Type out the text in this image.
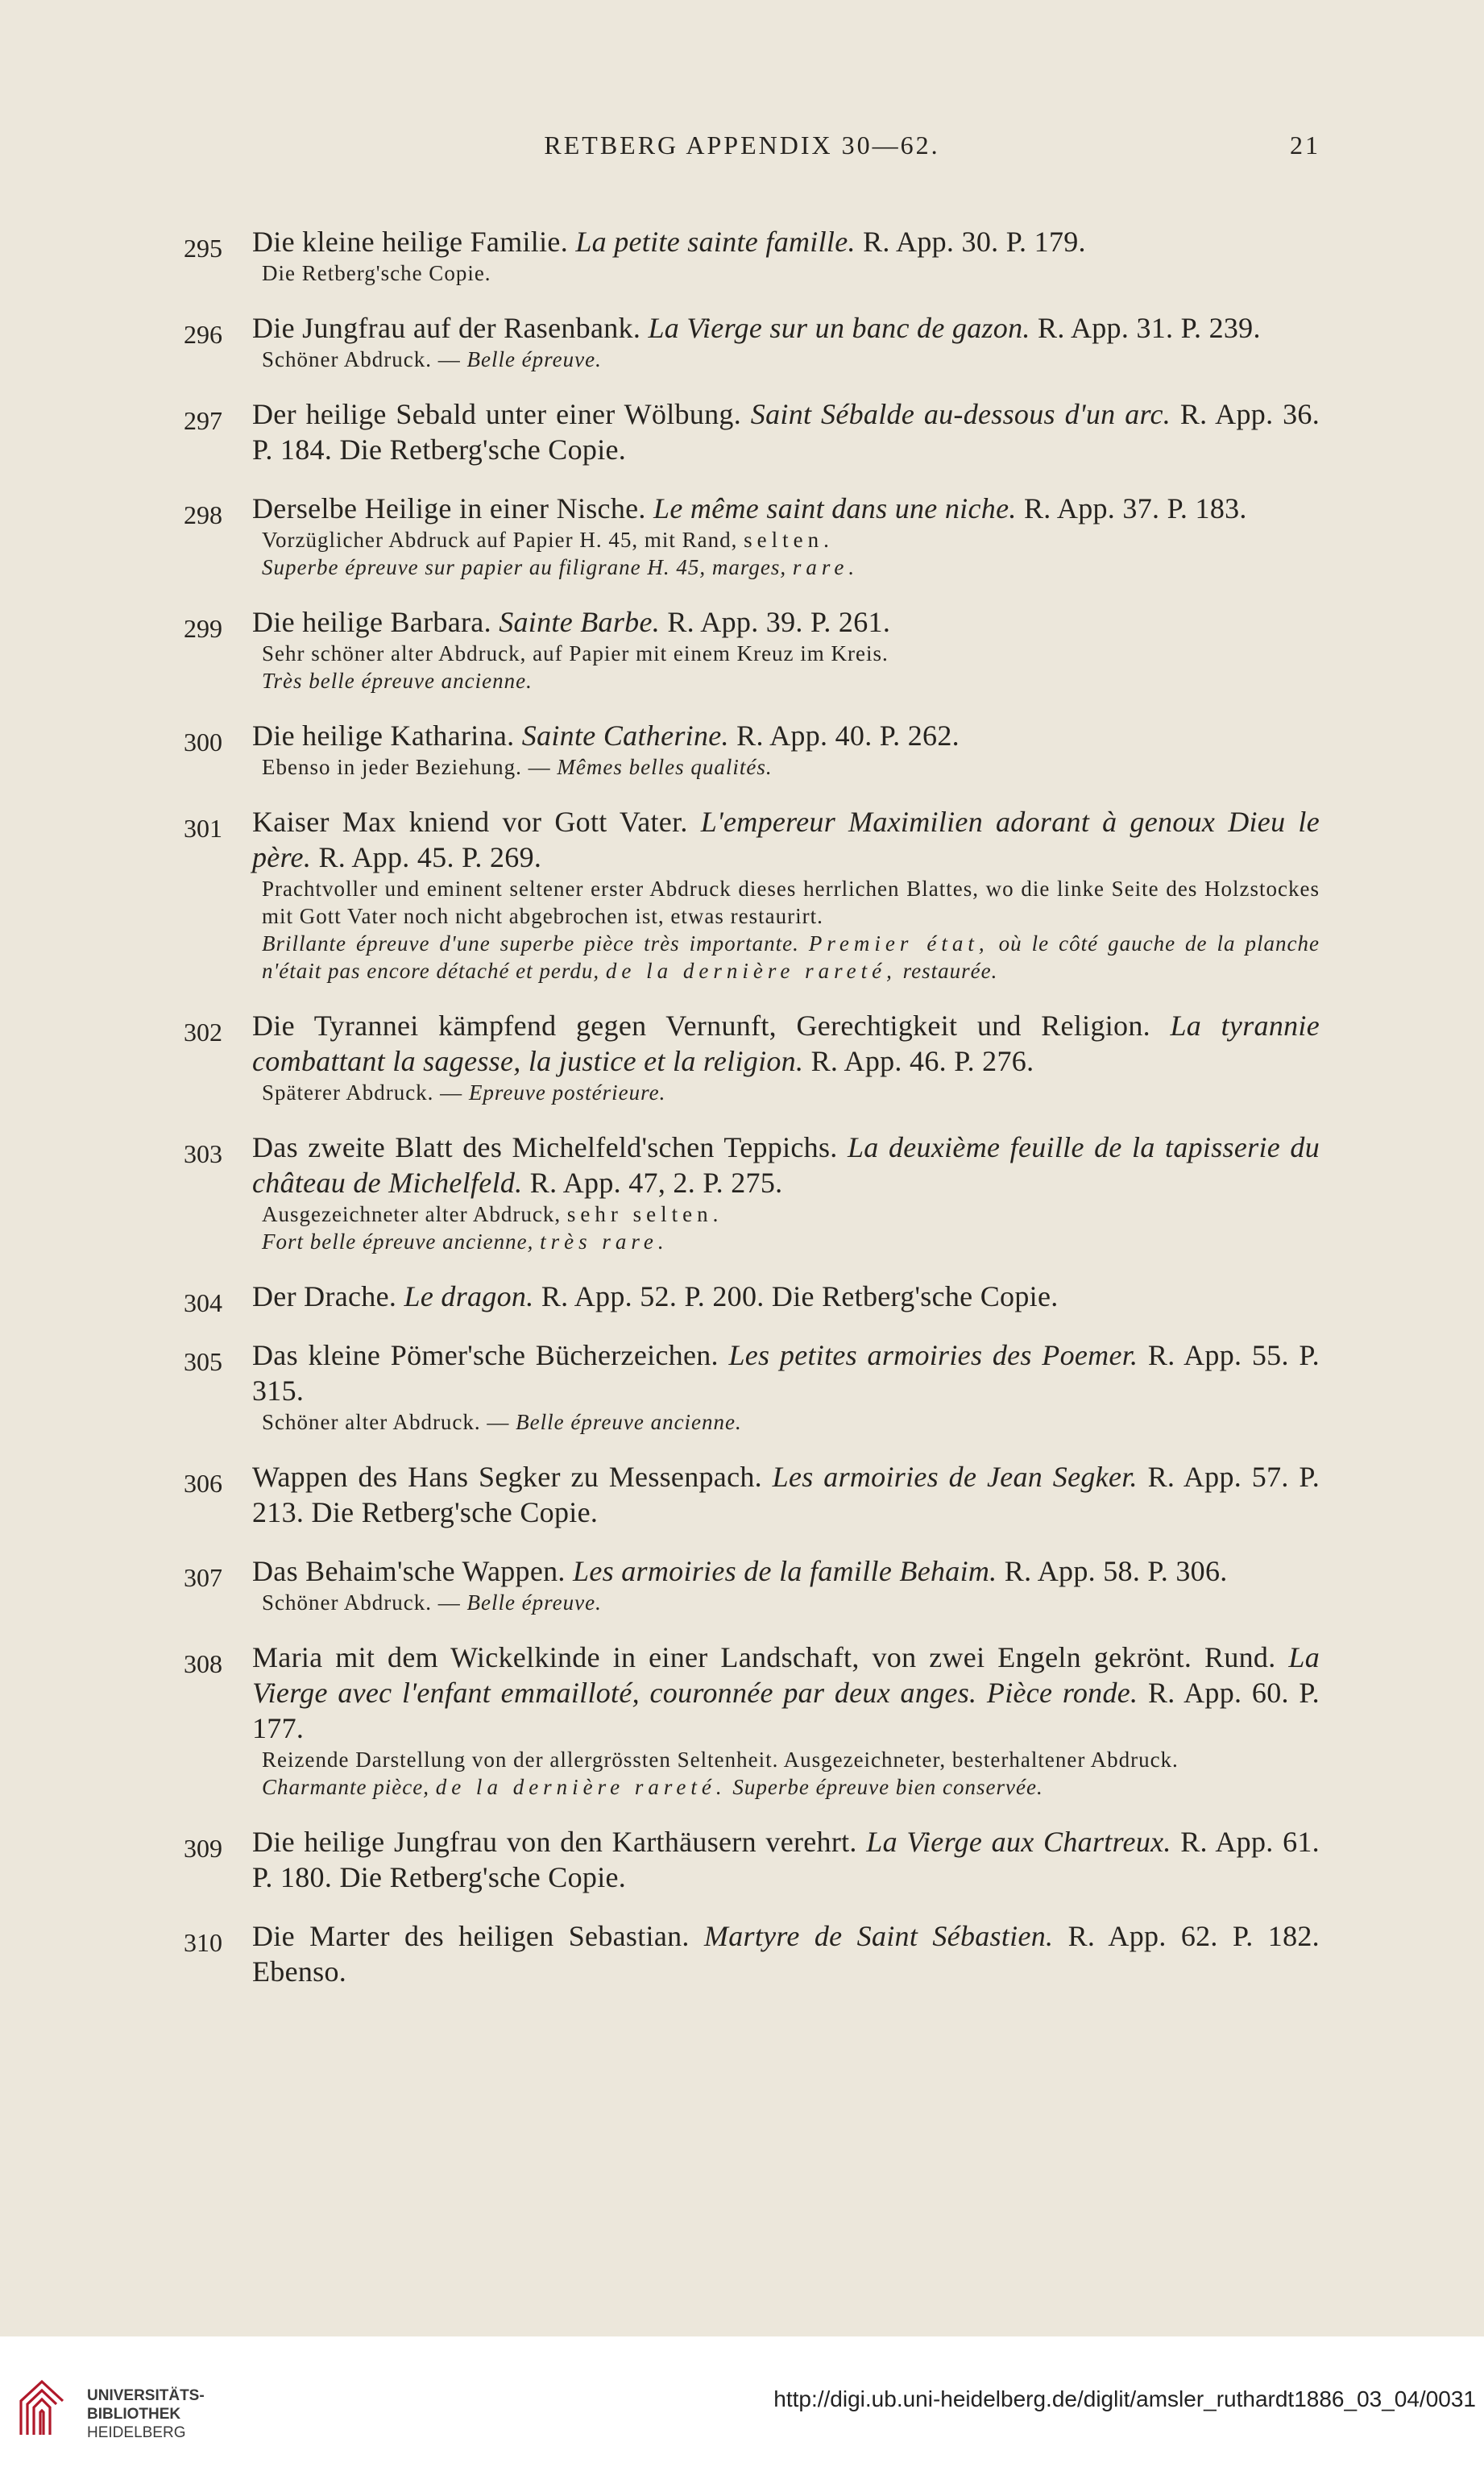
RETBERG APPENDIX 30—62.	21
295 Die kleine heilige Familie. La petite sainte famille. R. App. 30. P. 179.
Die Retberg'sche Copie.
296 Die Jungfrau auf der Rasenbank. La Vierge sur un banc de gazon. R. App. 31. P. 239.
Schöner Abdruck. — Belle épreuve.
297 Der heilige Sebald unter einer Wölbung. Saint Sébalde au-dessous d'un arc. R. App. 36. P. 184. Die Retberg'sche Copie.
298 Derselbe Heilige in einer Nische. Le même saint dans une niche. R. App. 37. P. 183.
Vorzüglicher Abdruck auf Papier H. 45, mit Rand, selten.
Superbe épreuve sur papier au filigrane H. 45, marges, rare.
299 Die heilige Barbara. Sainte Barbe. R. App. 39. P. 261.
Sehr schöner alter Abdruck, auf Papier mit einem Kreuz im Kreis.
Très belle épreuve ancienne.
300 Die heilige Katharina. Sainte Catherine. R. App. 40. P. 262.
Ebenso in jeder Beziehung. — Mêmes belles qualités.
301 Kaiser Max kniend vor Gott Vater. L'empereur Maximilien adorant à genoux Dieu le père. R. App. 45. P. 269.
Prachtvoller und eminent seltener erster Abdruck dieses herrlichen Blattes, wo die linke Seite des Holzstockes mit Gott Vater noch nicht abgebrochen ist, etwas restaurirt.
Brillante épreuve d'une superbe pièce très importante. Premier état, où le côté gauche de la planche n'était pas encore détaché et perdu, de la dernière rareté, restaurée.
302 Die Tyrannei kämpfend gegen Vernunft, Gerechtigkeit und Religion. La tyrannie combattant la sagesse, la justice et la religion. R. App. 46. P. 276.
Späterer Abdruck. — Epreuve postérieure.
303 Das zweite Blatt des Michelfeld'schen Teppichs. La deuxième feuille de la tapisserie du château de Michelfeld. R. App. 47, 2. P. 275.
Ausgezeichneter alter Abdruck, sehr selten.
Fort belle épreuve ancienne, très rare.
304 Der Drache. Le dragon. R. App. 52. P. 200. Die Retberg'sche Copie.
305 Das kleine Pömer'sche Bücherzeichen. Les petites armoiries des Poemer. R. App. 55. P. 315.
Schöner alter Abdruck. — Belle épreuve ancienne.
306 Wappen des Hans Segker zu Messenpach. Les armoiries de Jean Segker. R. App. 57. P. 213. Die Retberg'sche Copie.
307 Das Behaim'sche Wappen. Les armoiries de la famille Behaim. R. App. 58. P. 306.
Schöner Abdruck. — Belle épreuve.
308 Maria mit dem Wickelkinde in einer Landschaft, von zwei Engeln gekrönt. Rund. La Vierge avec l'enfant emmailloté, couronnée par deux anges. Pièce ronde. R. App. 60. P. 177.
Reizende Darstellung von der allergrössten Seltenheit. Ausgezeichneter, besterhaltener Abdruck.
Charmante pièce, de la dernière rareté. Superbe épreuve bien conservée.
309 Die heilige Jungfrau von den Karthäusern verehrt. La Vierge aux Chartreux. R. App. 61. P. 180. Die Retberg'sche Copie.
310 Die Marter des heiligen Sebastian. Martyre de Saint Sébastien. R. App. 62. P. 182. Ebenso.
UNIVERSITÄTS-
BIBLIOTHEK
HEIDELBERG
http://digi.ub.uni-heidelberg.de/diglit/amsler_ruthardt1886_03_04/0031
